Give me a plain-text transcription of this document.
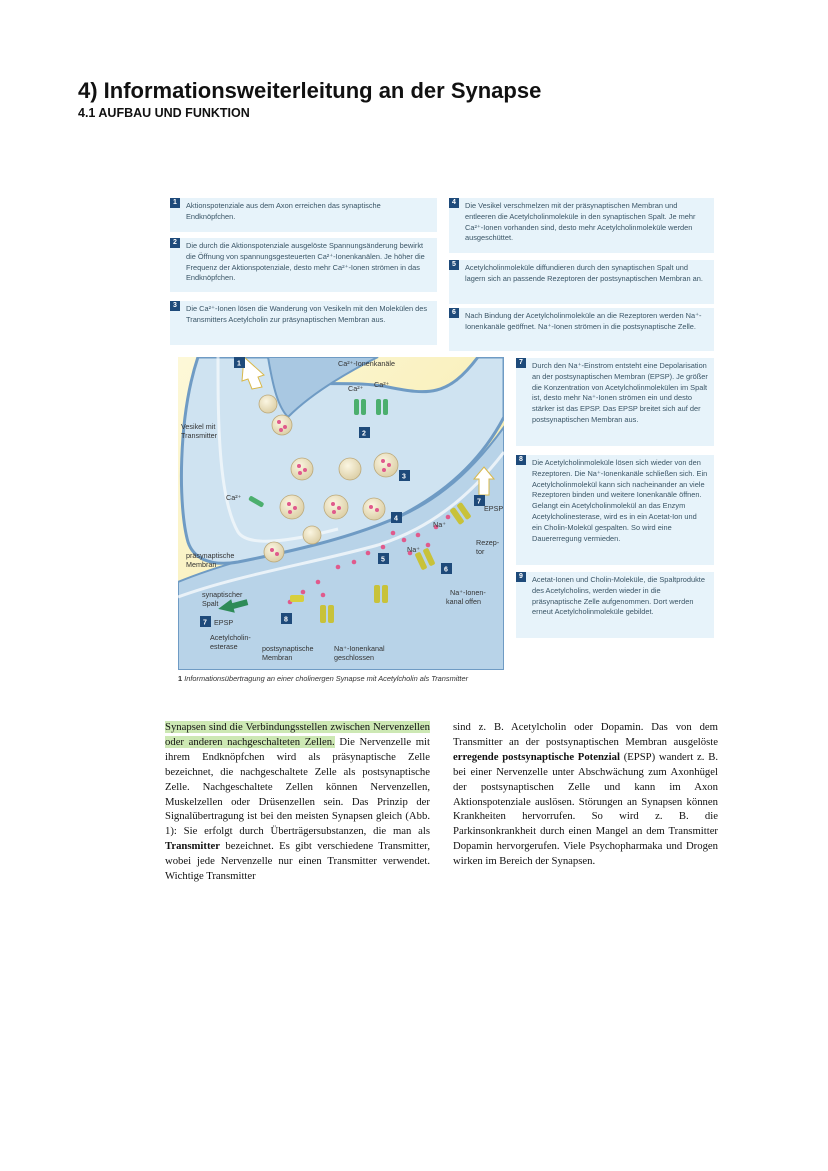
4) Informationsweiterleitung an der Synapse
4.1 AUFBAU UND FUNKTION
1	Aktionspotenziale aus dem Axon erreichen das synaptische Endknöpfchen.
2	Die durch die Aktionspotenziale ausgelöste Spannungsänderung bewirkt die Öffnung von spannungsgesteuerten Ca²⁺-Ionenkanälen. Je höher die Frequenz der Aktionspotenziale, desto mehr Ca²⁺-Ionen strömen in das Endknöpfchen.
3	Die Ca²⁺-Ionen lösen die Wanderung von Vesikeln mit den Molekülen des Transmitters Acetylcholin zur präsynaptischen Membran aus.
4	Die Vesikel verschmelzen mit der präsynaptischen Membran und entleeren die Acetylcholinmoleküle in den synaptischen Spalt. Je mehr Ca²⁺-Ionen vorhanden sind, desto mehr Acetylcholinmoleküle werden ausgeschüttet.
5	Acetylcholinmoleküle diffundieren durch den synaptischen Spalt und lagern sich an passende Rezeptoren der postsynaptischen Membran an.
6	Nach Bindung der Acetylcholinmoleküle an die Rezeptoren werden Na⁺-Ionenkanäle geöffnet. Na⁺-Ionen strömen in die postsynaptische Zelle.
7	Durch den Na⁺-Einstrom entsteht eine Depolarisation an der postsynaptischen Membran (EPSP). Je größer die Konzentration von Acetylcholinmolekülen im Spalt ist, desto mehr Na⁺-Ionen strömen ein und desto stärker ist das EPSP. Das EPSP breitet sich auf der postsynaptischen Membran aus.
8	Die Acetylcholinmoleküle lösen sich wieder von den Rezeptoren. Die Na⁺-Ionenkanäle schließen sich. Ein Acetylcholinmolekül kann sich nacheinander an viele Rezeptoren binden und weitere Ionenkanäle öffnen. Gelangt ein Acetylcholinmolekül an das Enzym Acetylcholinesterase, wird es in ein Acetat-Ion und ein Cholin-Molekül gespalten. So wird eine Dauererregung vermieden.
9	Acetat-Ionen und Cholin-Moleküle, die Spaltprodukte des Acetylcholins, werden wieder in die präsynaptische Zelle aufgenommen. Dort werden erneut Acetylcholinmoleküle gebildet.
1
2
3
4
5
6
7
7	8
Ca²⁺-Ionenkanäle
Ca²⁺ Ca²⁺
Ca²⁺
Vesikel mit
Transmitter
präsynaptische
Membran
synaptischer
Spalt
EPSP
EPSP
Acetylcholin-
esterase	postsynaptische
Membran
Na⁺-Ionenkanal
geschlossen
Na⁺-Ionen-
kanal offen
Rezep-
tor
Na⁺
Na⁺
1 Informationsübertragung an einer cholinergen Synapse mit Acetylcholin als Transmitter

Synapsen sind die Verbindungsstellen zwischen Nervenzellen oder anderen nachgeschalteten Zellen. Die Nervenzelle mit ihrem Endknöpfchen wird als präsynaptische Zelle bezeichnet, die nachgeschaltete Zelle als postsynaptische Zelle. Nachgeschaltete Zellen können Nervenzellen, Muskelzellen oder Drüsenzellen sein. Das Prinzip der Signalübertragung ist bei den meisten Synapsen gleich (Abb. 1): Sie erfolgt durch Überträgersubstanzen, die man als Transmitter bezeichnet. Es gibt verschiedene Transmitter, wobei jede Nervenzelle nur einen Transmitter verwendet. Wichtige Transmitter

sind z. B. Acetylcholin oder Dopamin. Das von dem Transmitter an der postsynaptischen Membran ausgelöste erregende postsynaptische Potenzial (EPSP) wandert z. B. bei einer Nervenzelle unter Abschwächung zum Axonhügel der postsynaptischen Zelle und kann im Axon Aktionspotenziale auslösen. Störungen an Synapsen können Krankheiten hervorrufen. So wird z. B. die Parkinsonkrankheit durch einen Mangel an dem Transmitter Dopamin hervorgerufen. Viele Psychopharmaka und Drogen wirken im Bereich der Synapsen.
